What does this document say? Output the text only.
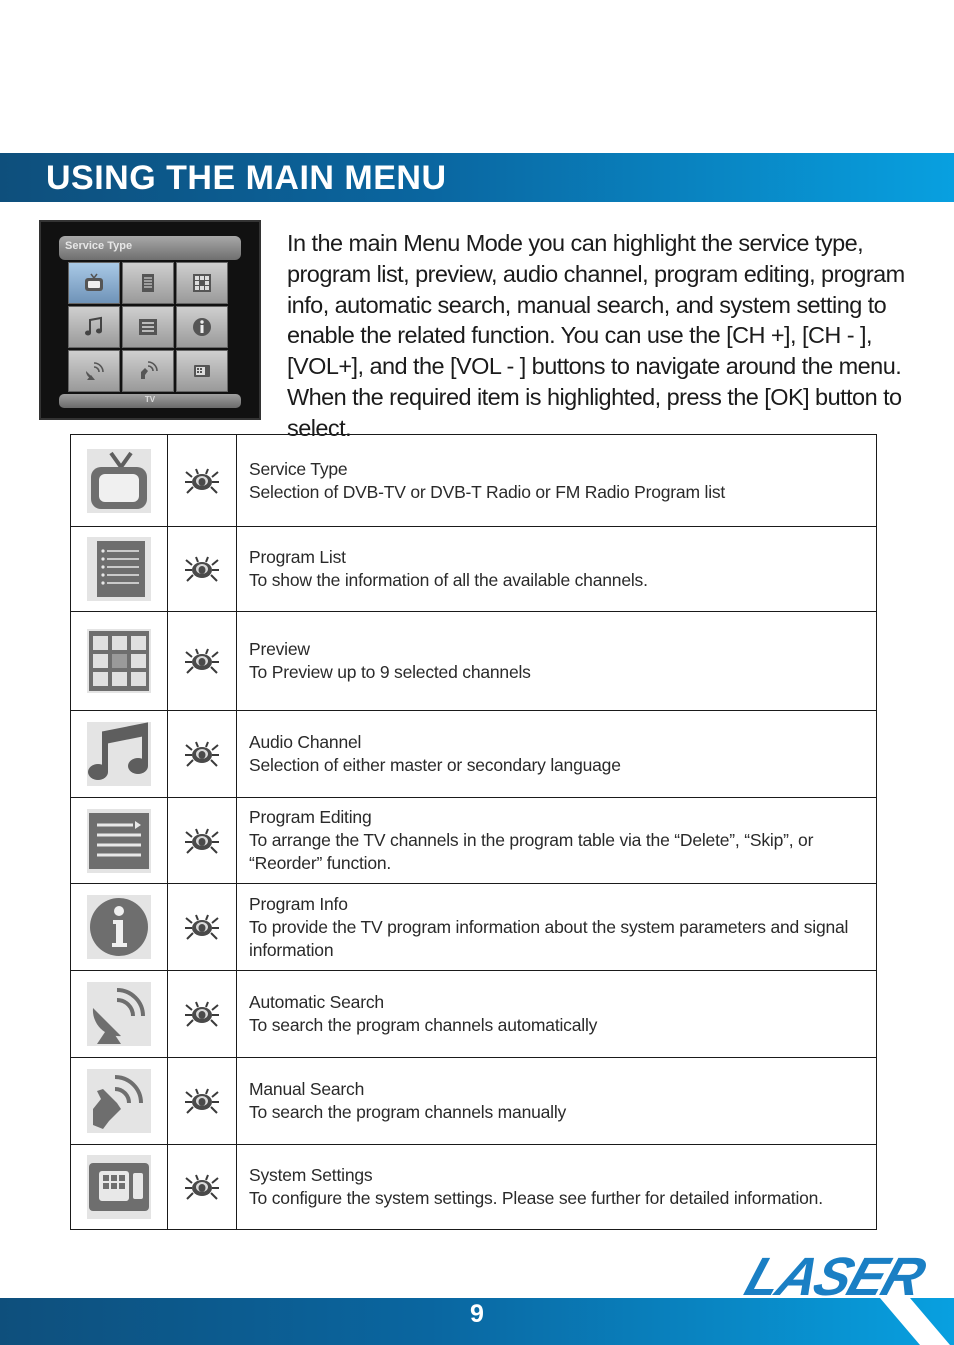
USING THE MAIN MENU
Service Type
TV

In the main Menu Mode you can highlight the service type, program list, preview, audio channel, program editing, program info, automatic search, manual search, and system setting to enable the related function. You can use the [CH +], [CH - ], [VOL+], and the [VOL - ] buttons to navigate around the menu. When the required item is highlighted, press the [OK] button to select.

Service Type
Selection of DVB-TV or DVB-T Radio or FM Radio Program list

Program List
To show the information of all the available channels.

Preview
To Preview up to 9 selected channels

Audio Channel
Selection of either master or secondary language

Program Editing
To arrange the TV channels in the program table via the “Delete”, “Skip”, or “Reorder” function.

Program Info
To provide the TV program information about the system parameters and signal information

Automatic Search
To search the program channels automatically

Manual Search
To search the program channels manually

System Settings
To configure the system settings. Please see further for detailed information.
LASER
9
